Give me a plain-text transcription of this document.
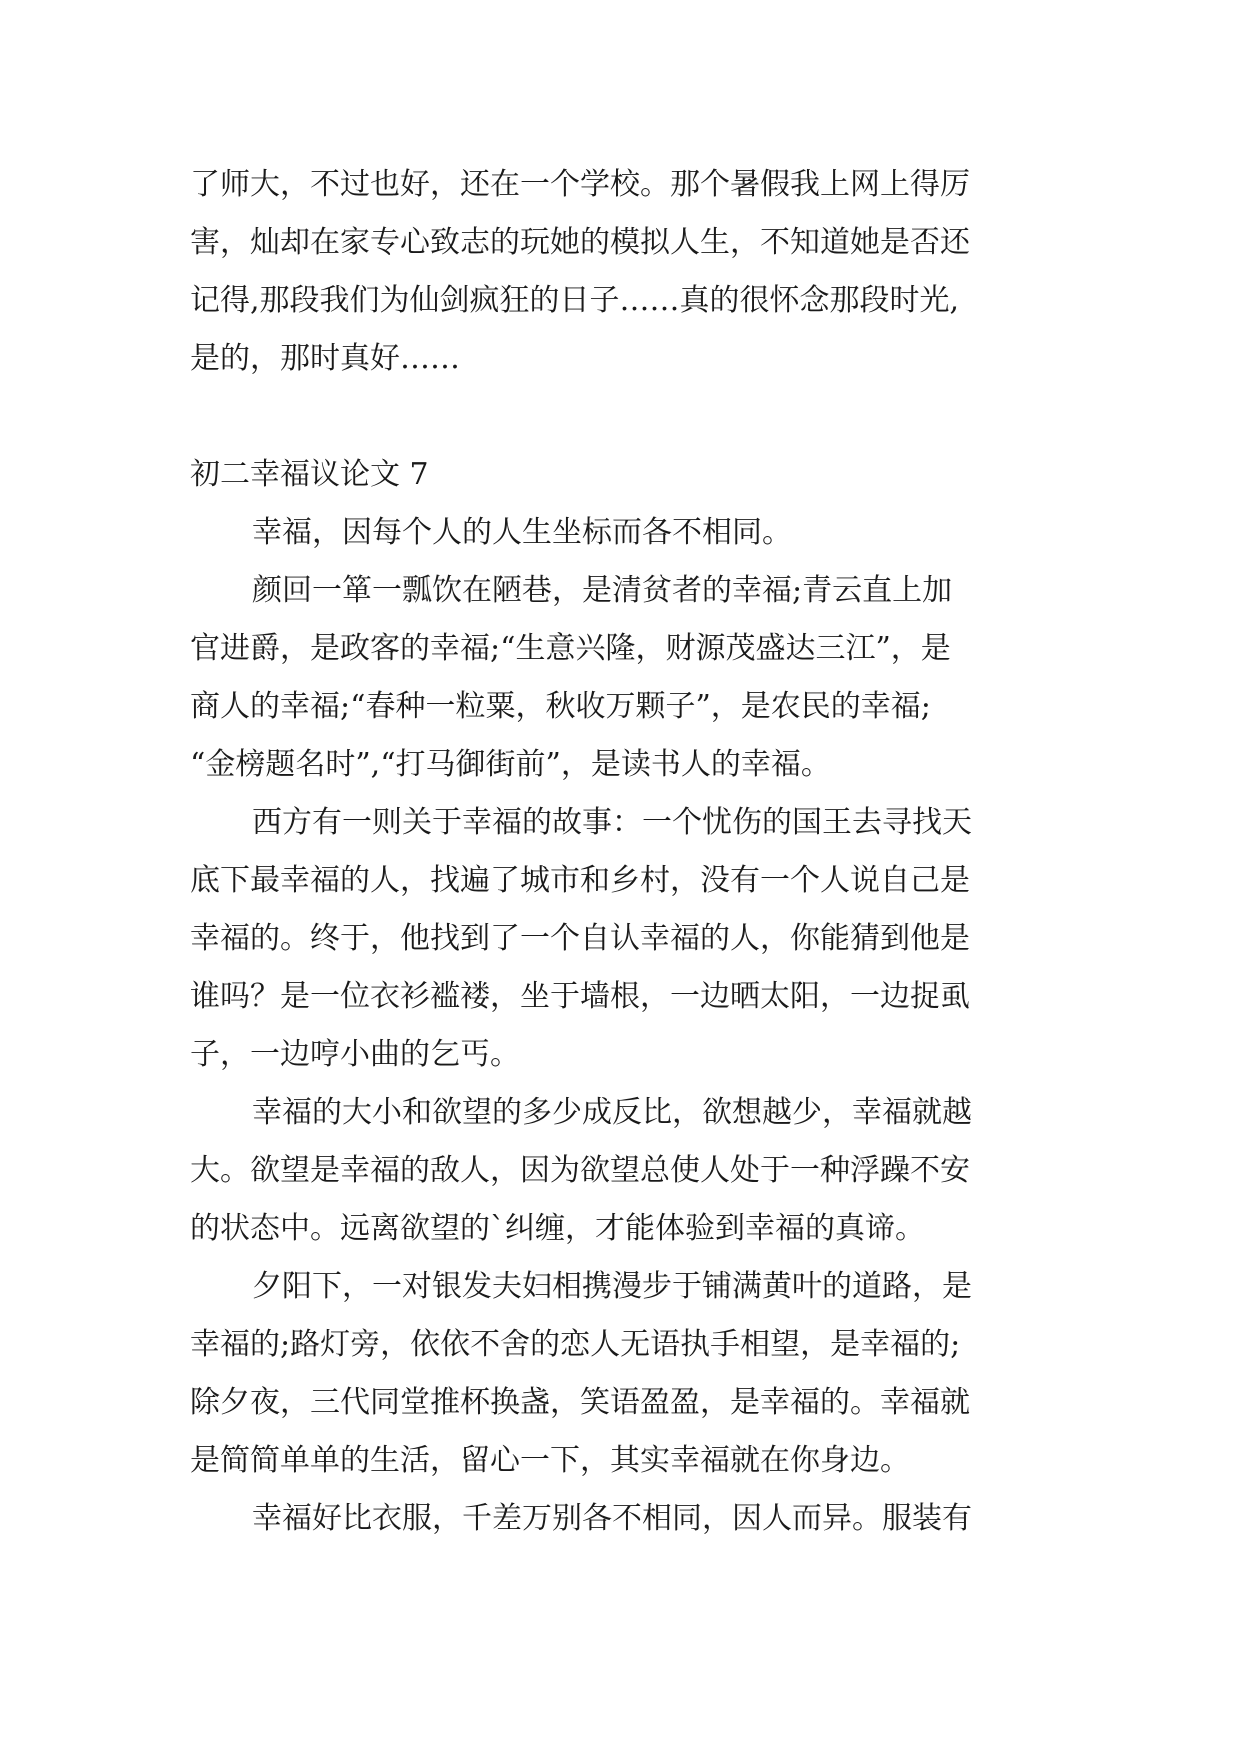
了师大，不过也好，还在一个学校。那个暑假我上网上得厉
害，灿却在家专心致志的玩她的模拟人生，不知道她是否还
记得,那段我们为仙剑疯狂的日子……真的很怀念那段时光,
是的，那时真好……
初二幸福议论文 7
幸福，因每个人的人生坐标而各不相同。
颜回一箪一瓢饮在陋巷，是清贫者的幸福;青云直上加
官进爵，是政客的幸福;“生意兴隆，财源茂盛达三江”，是
商人的幸福;“春种一粒粟，秋收万颗子”，是农民的幸福;
“金榜题名时”,“打马御街前”，是读书人的幸福。
西方有一则关于幸福的故事：一个忧伤的国王去寻找天
底下最幸福的人，找遍了城市和乡村，没有一个人说自己是
幸福的。终于，他找到了一个自认幸福的人，你能猜到他是
谁吗？是一位衣衫褴褛，坐于墙根，一边晒太阳，一边捉虱
子，一边哼小曲的乞丐。
幸福的大小和欲望的多少成反比，欲想越少，幸福就越
大。欲望是幸福的敌人，因为欲望总使人处于一种浮躁不安
的状态中。远离欲望的`纠缠，才能体验到幸福的真谛。
夕阳下，一对银发夫妇相携漫步于铺满黄叶的道路，是
幸福的;路灯旁，依依不舍的恋人无语执手相望，是幸福的;
除夕夜，三代同堂推杯换盏，笑语盈盈，是幸福的。幸福就
是简简单单的生活，留心一下，其实幸福就在你身边。
幸福好比衣服，千差万别各不相同，因人而异。服装有
